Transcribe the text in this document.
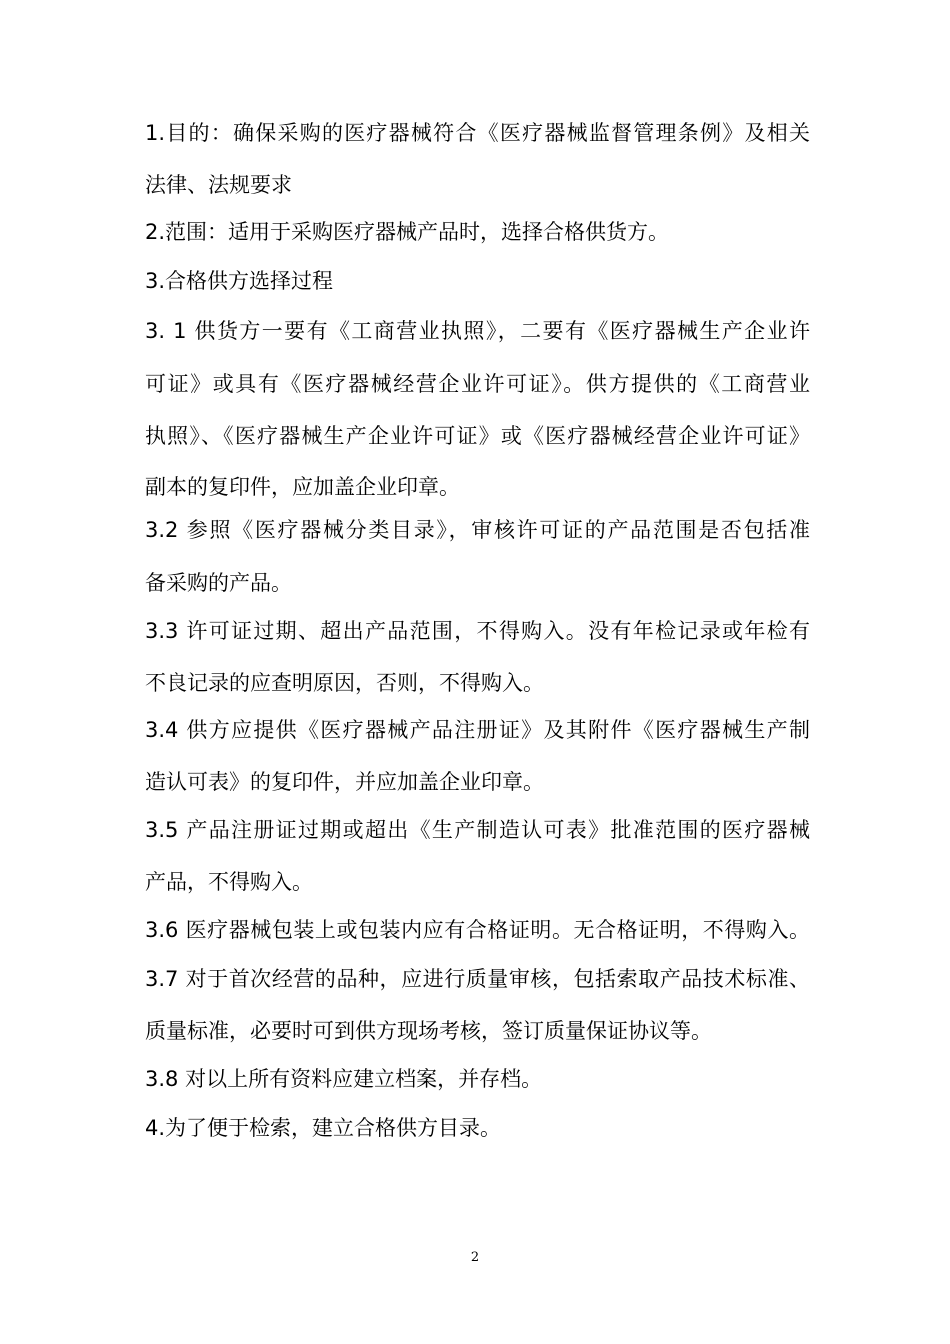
1.目的：确保采购的医疗器械符合《医疗器械监督管理条例》及相关
法律、法规要求
2.范围：适用于采购医疗器械产品时，选择合格供货方。
3.合格供方选择过程
3. 1 供货方一要有《工商营业执照》，二要有《医疗器械生产企业许
可证》或具有《医疗器械经营企业许可证》。供方提供的《工商营业
执照》、《医疗器械生产企业许可证》或《医疗器械经营企业许可证》
副本的复印件，应加盖企业印章。
3.2 参照《医疗器械分类目录》，审核许可证的产品范围是否包括准
备采购的产品。
3.3 许可证过期、超出产品范围，不得购入。没有年检记录或年检有
不良记录的应查明原因，否则，不得购入。
3.4 供方应提供《医疗器械产品注册证》及其附件《医疗器械生产制
造认可表》的复印件，并应加盖企业印章。
3.5 产品注册证过期或超出《生产制造认可表》批准范围的医疗器械
产品，不得购入。
3.6 医疗器械包装上或包装内应有合格证明。无合格证明，不得购入。
3.7 对于首次经营的品种，应进行质量审核，包括索取产品技术标准、
质量标准，必要时可到供方现场考核，签订质量保证协议等。
3.8 对以上所有资料应建立档案，并存档。
4.为了便于检索，建立合格供方目录。
2
